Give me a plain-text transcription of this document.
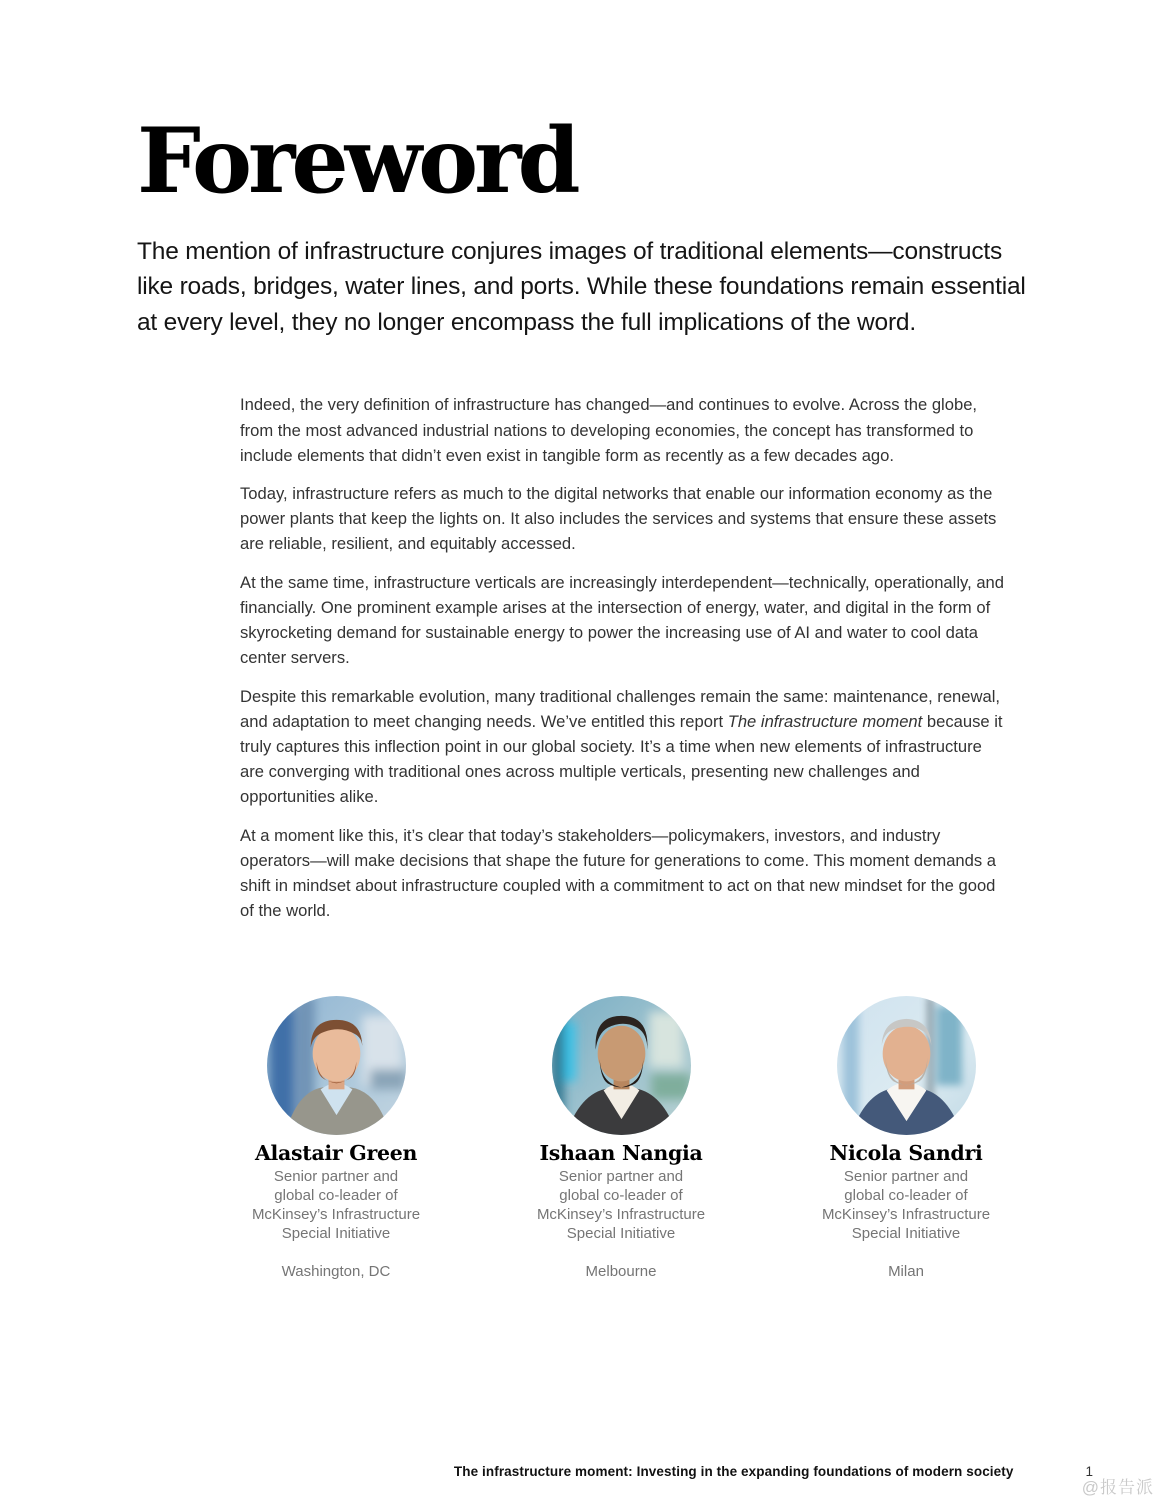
Foreword

The mention of infrastructure conjures images of traditional elements—constructs like roads, bridges, water lines, and ports. While these foundations remain essential at every level, they no longer encompass the full implications of the word.

Indeed, the very definition of infrastructure has changed—and continues to evolve. Across the globe, from the most advanced industrial nations to developing economies, the concept has transformed to include elements that didn’t even exist in tangible form as recently as a few decades ago.

Today, infrastructure refers as much to the digital networks that enable our information economy as the power plants that keep the lights on. It also includes the services and systems that ensure these assets are reliable, resilient, and equitably accessed.

At the same time, infrastructure verticals are increasingly interdependent—technically, operationally, and financially. One prominent example arises at the intersection of energy, water, and digital in the form of skyrocketing demand for sustainable energy to power the increasing use of AI and water to cool data center servers.

Despite this remarkable evolution, many traditional challenges remain the same: maintenance, renewal, and adaptation to meet changing needs. We’ve entitled this report The infrastructure moment because it truly captures this inflection point in our global society. It’s a time when new elements of infrastructure are converging with traditional ones across multiple verticals, presenting new challenges and opportunities alike.

At a moment like this, it’s clear that today’s stakeholders—policymakers, investors, and industry operators—will make decisions that shape the future for generations to come. This moment demands a shift in mindset about infrastructure coupled with a commitment to act on that new mindset for the good of the world.

Alastair Green
Senior partner and
global co-leader of
McKinsey’s Infrastructure
Special Initiative
Washington, DC
Ishaan Nangia
Senior partner and
global co-leader of
McKinsey’s Infrastructure
Special Initiative
Melbourne
Nicola Sandri
Senior partner and
global co-leader of
McKinsey’s Infrastructure
Special Initiative
Milan
The infrastructure moment: Investing in the expanding foundations of modern society	1
@报告派
